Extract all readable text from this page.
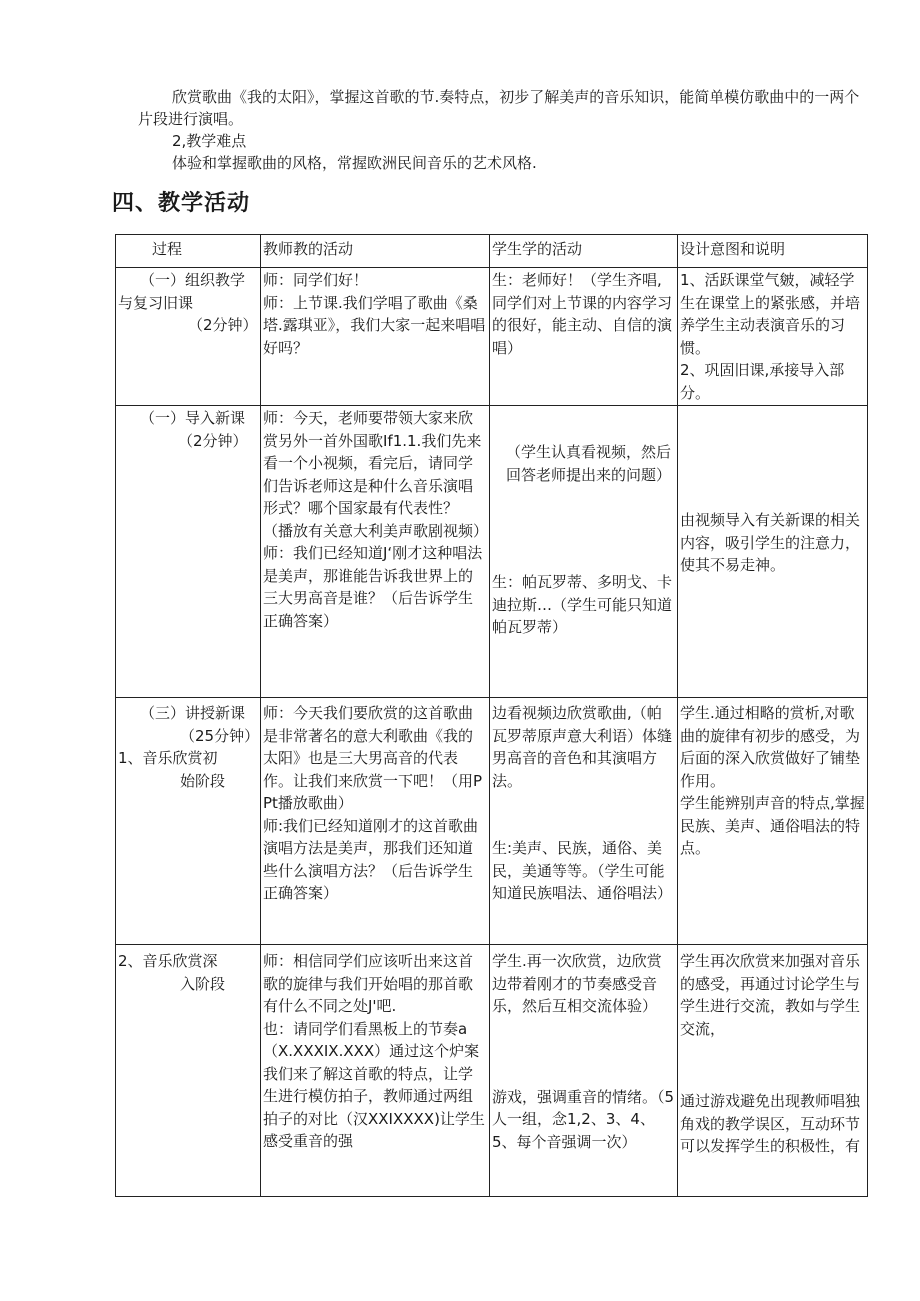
欣赏歌曲《我的太阳》，掌握这首歌的节.奏特点，初步了解美声的音乐知识，能简单模仿歌曲中的一两个片段进行演唱。

2,教学难点

体验和掌握歌曲的风格，常握欧洲民间音乐的艺术风格.

四、教学活动
过程	教师教的活动	学生学的活动	设计意图和说明

（一）组织教学
与复习旧课
（2分钟）	师：同学们好！
师：上节课.我们学唱了歌曲《桑塔.露琪亚》，我们大家一起来唱唱好吗？	生：老师好！（学生齐唱,同学们对上节课的内容学习的很好，能主动、自信的演唱）	1、活跃课堂气皴，减轻学生在课堂上的紧张感，并培养学生主动表演音乐的习惯。
2、巩固旧课,承接导入部分。

（一）导入新课
（2分钟）	师：今天，老师要带领大家来欣赏另外一首外国歌If1.1.我们先来看一个小视频，看完后，请同学们告诉老师这是种什么音乐演唱形式？哪个国家最有代表性？（播放有关意大利美声歌剧视频）
师：我们已经知道J‘刚才这种唱法是美声，那谁能告诉我世界上的三大男高音是谁？（后告诉学生正确答案）	（学生认真看视频，然后回答老师提出来的问题）
生：帕瓦罗蒂、多明戈、卡迪拉斯…（学生可能只知道帕瓦罗蒂）	由视频导入有关新课的相关内容，吸引学生的注意力，使其不易走神。

（三）讲授新课
（25分钟）
1、音乐欣赏初
始阶段	师：今天我们要欣赏的这首歌曲是非常著名的意大利歌曲《我的太阳》也是三大男高音的代表作。让我们来欣赏一下吧！（用PPt播放歌曲）
师:我们已经知道刚才的这首歌曲演唱方法是美声，那我们还知道些什么演唱方法？（后告诉学生正确答案）	边看视频边欣赏歌曲,（帕瓦罗蒂原声意大利语）体缝男高音的音色和其演唱方法。
生:美声、民族，通俗、美民，美通等等。（学生可能知道民族唱法、通俗唱法）	学生.通过相略的赏析,对歌曲的旋律有初步的感受，为后面的深入欣赏做好了铺垫作用。
学生能辨别声音的特点,掌握民族、美声、通俗唱法的特点。

2、音乐欣赏深
入阶段	师：相信同学们应该听出来这首歌的旋律与我们开始唱的那首歌有什么不同之处J'吧.
也：请同学们看黑板上的节奏a（X.XXXIX.XXX）通过这个炉案我们来了解这首歌的特点，让学生进行模仿拍子，教师通过两组拍子的对比（汉XXIXXXX)让学生感受重音的强	学生.再一次欣赏，边欣赏边带着刚才的节奏感受音乐，然后互相交流体验）
游戏，强调重音的情绪。（5人一组，念1,2、3、4、5、每个音强调一次）	学生再次欣赏来加强对音乐的感受，再通过讨论学生与学生进行交流，教如与学生交流，
通过游戏避免出现教师唱独角戏的教学误区，互动环节可以发挥学生的积极性，有
